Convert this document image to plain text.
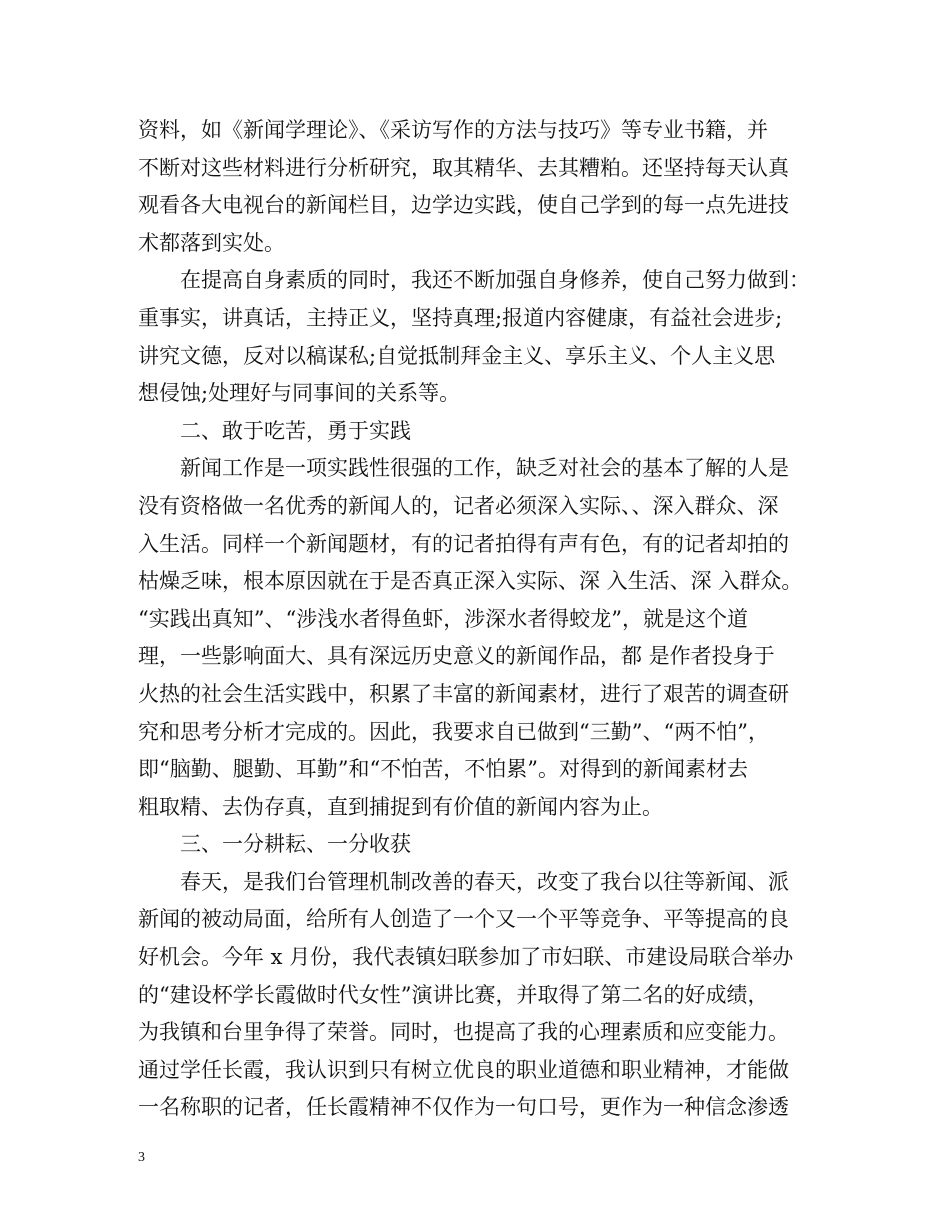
资料，如《新闻学理论》、《采访写作的方法与技巧》等专业书籍，并
不断对这些材料进行分析研究，取其精华、去其糟粕。还坚持每天认真
观看各大电视台的新闻栏目，边学边实践，使自己学到的每一点先进技
术都落到实处。
在提高自身素质的同时，我还不断加强自身修养，使自己努力做到：
重事实，讲真话，主持正义，坚持真理;报道内容健康，有益社会进步;
讲究文德，反对以稿谋私;自觉抵制拜金主义、享乐主义、个人主义思
想侵蚀;处理好与同事间的关系等。
二、敢于吃苦，勇于实践
新闻工作是一项实践性很强的工作，缺乏对社会的基本了解的人是
没有资格做一名优秀的新闻人的，记者必须深入实际、、深入群众、深
入生活。同样一个新闻题材，有的记者拍得有声有色，有的记者却拍的
枯燥乏味，根本原因就在于是否真正深入实际、深 入生活、深 入群众。
“实践出真知”、“涉浅水者得鱼虾，涉深水者得蛟龙”，就是这个道
理，一些影响面大、具有深远历史意义的新闻作品，都 是作者投身于
火热的社会生活实践中，积累了丰富的新闻素材，进行了艰苦的调查研
究和思考分析才完成的。因此，我要求自已做到“三勤”、“两不怕”，
即“脑勤、腿勤、耳勤”和“不怕苦，不怕累”。对得到的新闻素材去
粗取精、去伪存真，直到捕捉到有价值的新闻内容为止。
三、一分耕耘、一分收获
春天，是我们台管理机制改善的春天，改变了我台以往等新闻、派
新闻的被动局面，给所有人创造了一个又一个平等竞争、平等提高的良
好机会。今年 x 月份，我代表镇妇联参加了市妇联、市建设局联合举办
的“建设杯学长霞做时代女性”演讲比赛，并取得了第二名的好成绩，
为我镇和台里争得了荣誉。同时，也提高了我的心理素质和应变能力。
通过学任长霞，我认识到只有树立优良的职业道德和职业精神，才能做
一名称职的记者，任长霞精神不仅作为一句口号，更作为一种信念渗透
3
